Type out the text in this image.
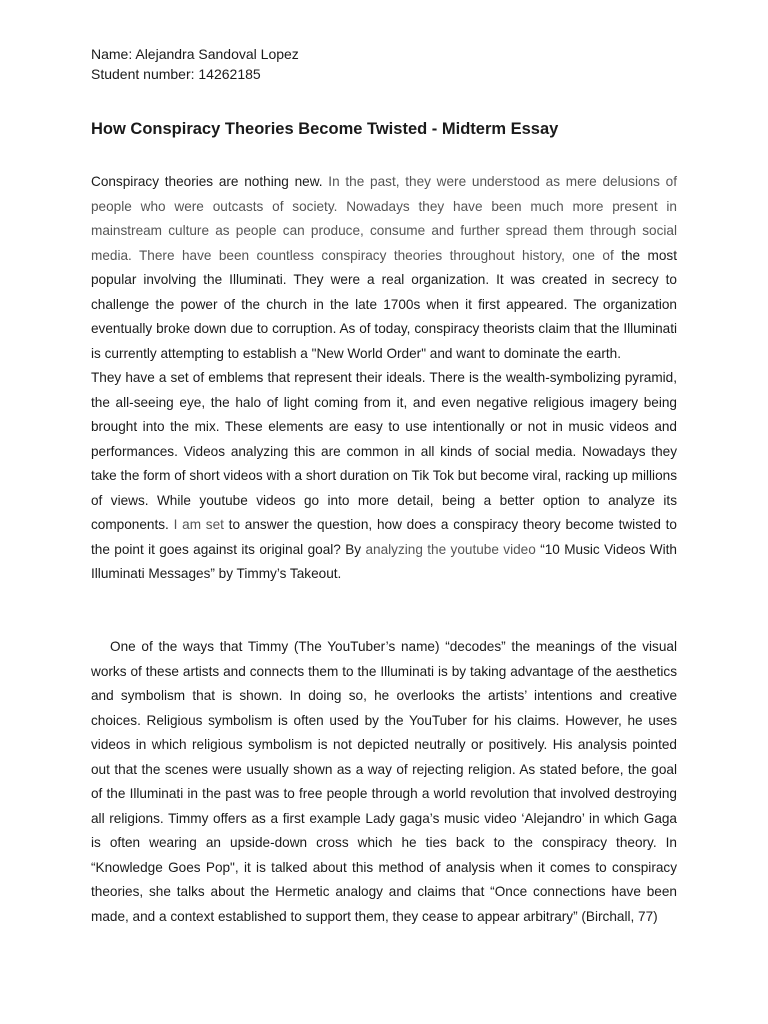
Name: Alejandra Sandoval Lopez
Student number: 14262185
How Conspiracy Theories Become Twisted - Midterm Essay
Conspiracy theories are nothing new. In the past, they were understood as mere delusions of people who were outcasts of society. Nowadays they have been much more present in mainstream culture as people can produce, consume and further spread them through social media. There have been countless conspiracy theories throughout history, one of the most popular involving the Illuminati. They were a real organization. It was created in secrecy to challenge the power of the church in the late 1700s when it first appeared. The organization eventually broke down due to corruption. As of today, conspiracy theorists claim that the Illuminati is currently attempting to establish a "New World Order" and want to dominate the earth.
They have a set of emblems that represent their ideals. There is the wealth-symbolizing pyramid, the all-seeing eye, the halo of light coming from it, and even negative religious imagery being brought into the mix. These elements are easy to use intentionally or not in music videos and performances. Videos analyzing this are common in all kinds of social media. Nowadays they take the form of short videos with a short duration on Tik Tok but become viral, racking up millions of views. While youtube videos go into more detail, being a better option to analyze its components. I am set to answer the question, how does a conspiracy theory become twisted to the point it goes against its original goal? By analyzing the youtube video “10 Music Videos With Illuminati Messages” by Timmy’s Takeout.

One of the ways that Timmy (The YouTuber’s name) “decodes” the meanings of the visual works of these artists and connects them to the Illuminati is by taking advantage of the aesthetics and symbolism that is shown. In doing so, he overlooks the artists’ intentions and creative choices. Religious symbolism is often used by the YouTuber for his claims. However, he uses videos in which religious symbolism is not depicted neutrally or positively. His analysis pointed out that the scenes were usually shown as a way of rejecting religion. As stated before, the goal of the Illuminati in the past was to free people through a world revolution that involved destroying all religions. Timmy offers as a first example Lady gaga’s music video ‘Alejandro’ in which Gaga is often wearing an upside-down cross which he ties back to the conspiracy theory. In “Knowledge Goes Pop", it is talked about this method of analysis when it comes to conspiracy theories, she talks about the Hermetic analogy and claims that “Once connections have been made, and a context established to support them, they cease to appear arbitrary” (Birchall, 77)
